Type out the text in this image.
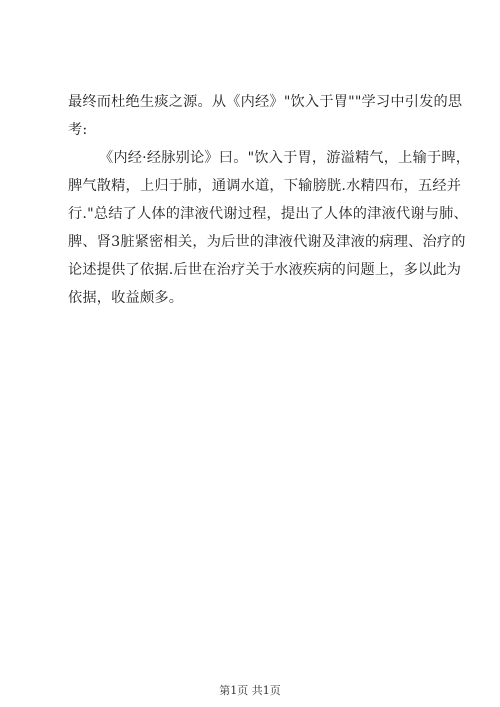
最终而杜绝生痰之源。从《内经》"饮入于胃""学习中引发的思
考:
《内经·经脉别论》曰。"饮入于胃，游溢精气，上输于睥，
脾气散精，上归于肺，通调水道，下输膀胱.水精四布，五经并
行."总结了人体的津液代谢过程，提出了人体的津液代谢与肺、
脾、肾3脏紧密相关，为后世的津液代谢及津液的病理、治疗的
论述提供了依据.后世在治疗关于水液疾病的问题上，多以此为
依据，收益颇多。
第1页 共1页
